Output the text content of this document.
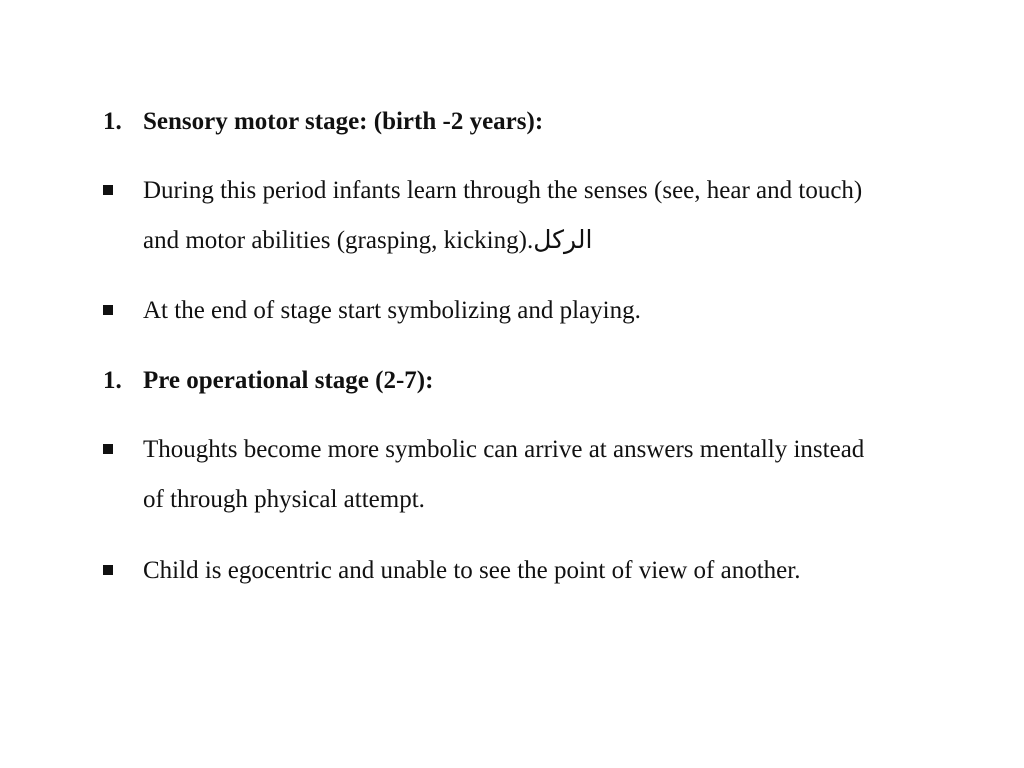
1. Sensory motor stage: (birth -2 years):
During this period infants learn through the senses (see, hear and touch)
and motor abilities (grasping, kicking).الركل
At the end of stage start symbolizing and playing.
1. Pre operational stage (2-7):
Thoughts become more symbolic can arrive at answers mentally instead
of through physical attempt.
Child is egocentric and unable to see the point of view of another.
